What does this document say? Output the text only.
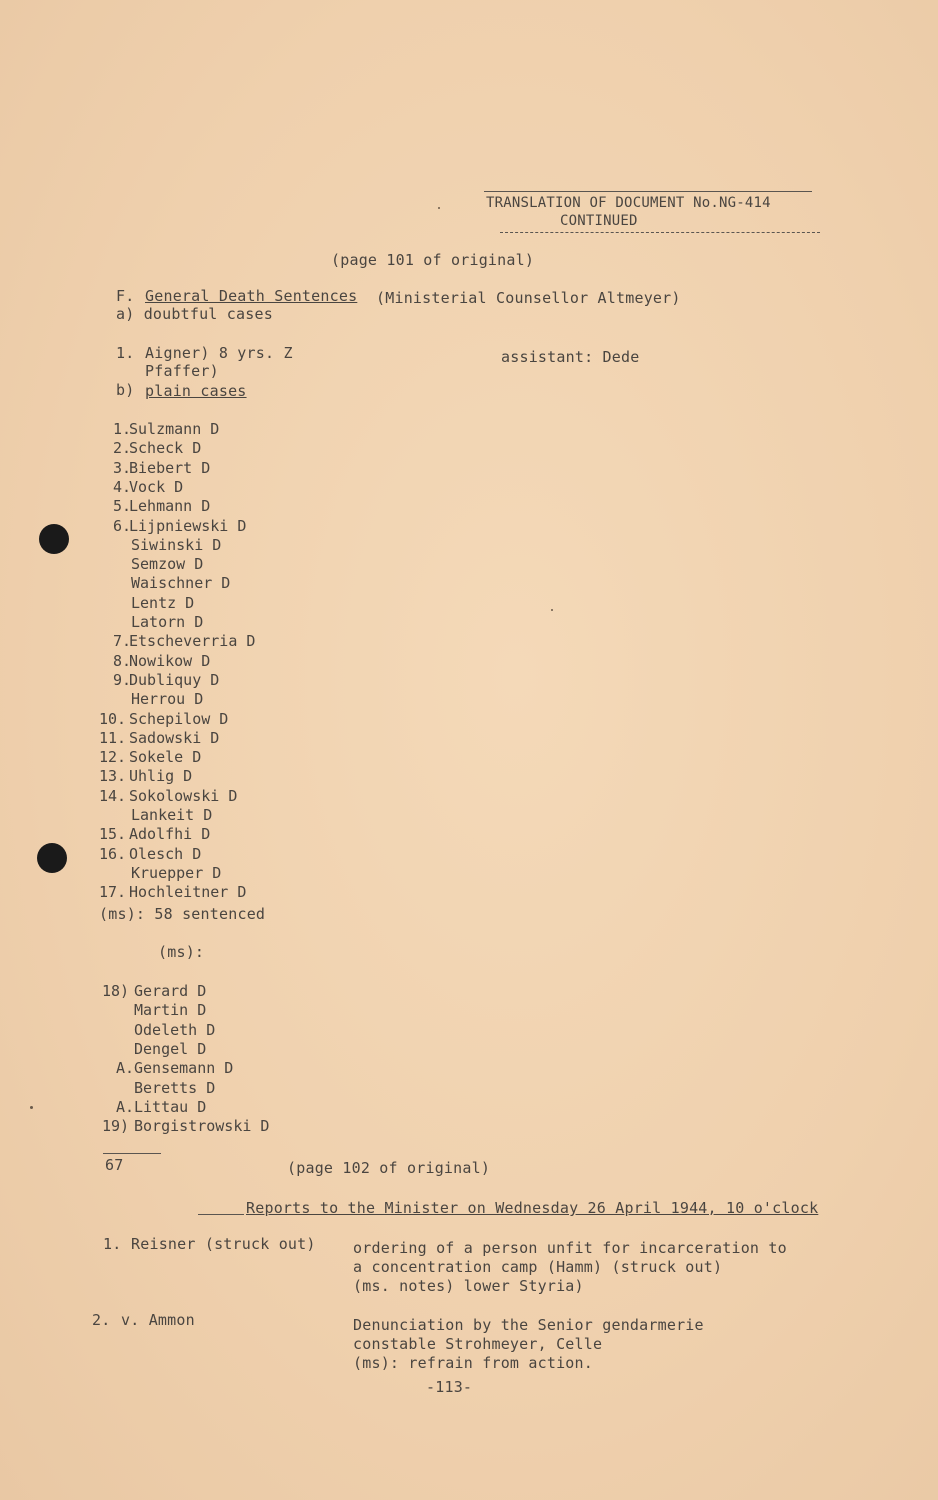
TRANSLATION OF DOCUMENT No.NG-414
CONTINUED
(page 101 of original)
F. General Death Sentences (Ministerial Counsellor Altmeyer)
a) doubtful cases
1. Aigner) 8 yrs. Z
Pfaffer)
assistant: Dede
b) plain cases
1.
Sulzmann D
2.
Scheck D
3.
Biebert D
4.
Vock D
5.
Lehmann D
6.
Lijpniewski D
Siwinski D
Semzow D
Waischner D
Lentz D
Latorn D
7.
Etscheverria D
8.
Nowikow D
9.
Dubliquy D
Herrou D
10. Schepilow D
11. Sadowski D
12. Sokele D
13. Uhlig D
14. Sokolowski D
Lankeit D
15. Adolfhi D
16. Olesch D
Kruepper D
17. Hochleitner D
(ms): 58 sentenced
(ms):
18) Gerard D
Martin D
Odeleth D
Dengel D
A. Gensemann D
Beretts D
A. Littau D
19) Borgistrowski D
67	(page 102 of original)
Reports to the Minister on Wednesday 26 April 1944, 10 o'clock
1. Reisner (struck out) ordering of a person unfit for incarceration to
a concentration camp (Hamm) (struck out)
(ms. notes) lower Styria)
2. v. Ammon	Denunciation by the Senior gendarmerie
constable Strohmeyer, Celle
(ms): refrain from action.
-113-
